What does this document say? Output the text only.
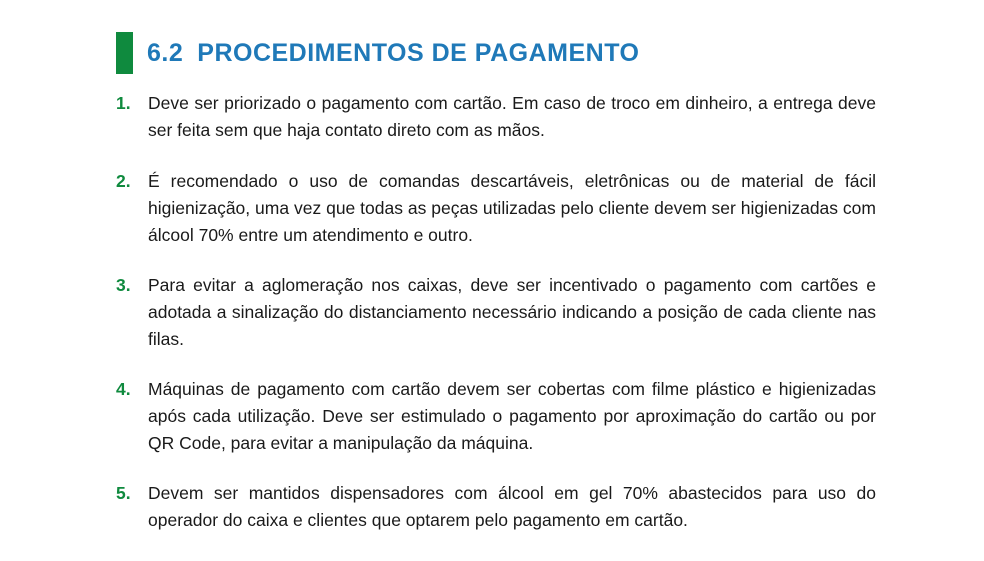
6.2 PROCEDIMENTOS DE PAGAMENTO
1. Deve ser priorizado o pagamento com cartão. Em caso de troco em dinheiro, a entrega deve ser feita sem que haja contato direto com as mãos.
2. É recomendado o uso de comandas descartáveis, eletrônicas ou de material de fácil higienização, uma vez que todas as peças utilizadas pelo cliente devem ser higienizadas com álcool 70% entre um atendimento e outro.
3. Para evitar a aglomeração nos caixas, deve ser incentivado o pagamento com cartões e adotada a sinalização do distanciamento necessário indicando a posição de cada cliente nas filas.
4. Máquinas de pagamento com cartão devem ser cobertas com filme plástico e higienizadas após cada utilização. Deve ser estimulado o pagamento por aproximação do cartão ou por QR Code, para evitar a manipulação da máquina.
5. Devem ser mantidos dispensadores com álcool em gel 70% abastecidos para uso do operador do caixa e clientes que optarem pelo pagamento em cartão.
